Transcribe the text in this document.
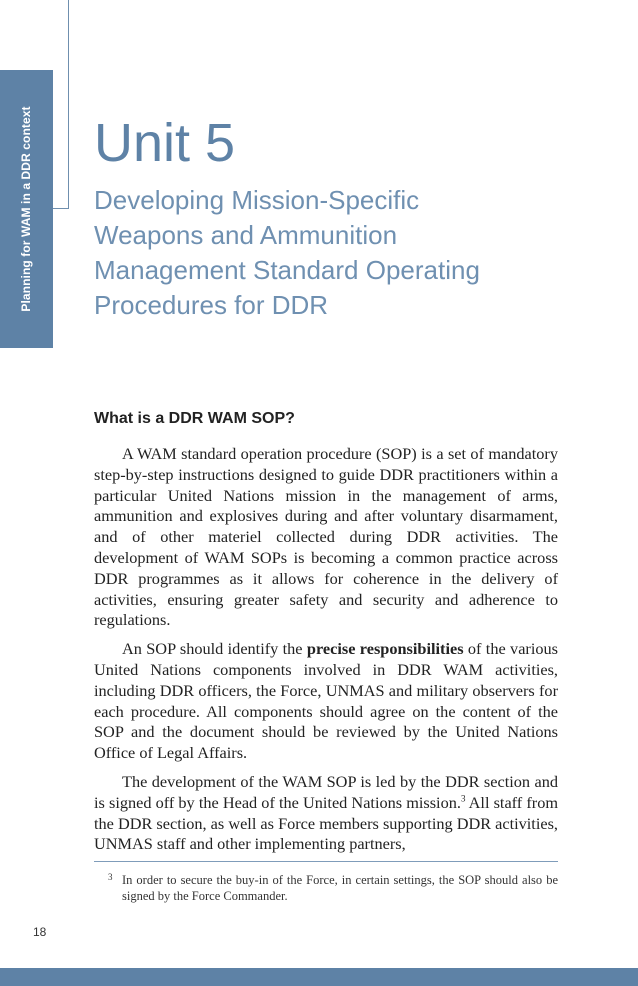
Planning for WAM in a DDR context Unit 5
Developing Mission-Specific
Weapons and Ammunition
Management Standard Operating
Procedures for DDR
What is a DDR WAM SOP?

A WAM standard operation procedure (SOP) is a set of mandatory step-by-step instructions designed to guide DDR practitioners within a particular United Nations mission in the management of arms, ammunition and explosives during and after voluntary disarmament, and of other materiel collected during DDR activities. The development of WAM SOPs is becoming a common practice across DDR programmes as it allows for coherence in the delivery of activities, ensuring greater safety and security and adherence to regulations.

An SOP should identify the precise responsibilities of the various United Nations components involved in DDR WAM activities, including DDR officers, the Force, UNMAS and military observers for each procedure. All components should agree on the content of the SOP and the document should be reviewed by the United Nations Office of Legal Affairs.

The development of the WAM SOP is led by the DDR section and is signed off by the Head of the United Nations mission.$^3$ All staff from the DDR section, as well as Force members supporting DDR activities, UNMAS staff and other implementing partners,

3 In order to secure the buy-in of the Force, in certain settings, the SOP should also be signed by the Force Commander.
18
